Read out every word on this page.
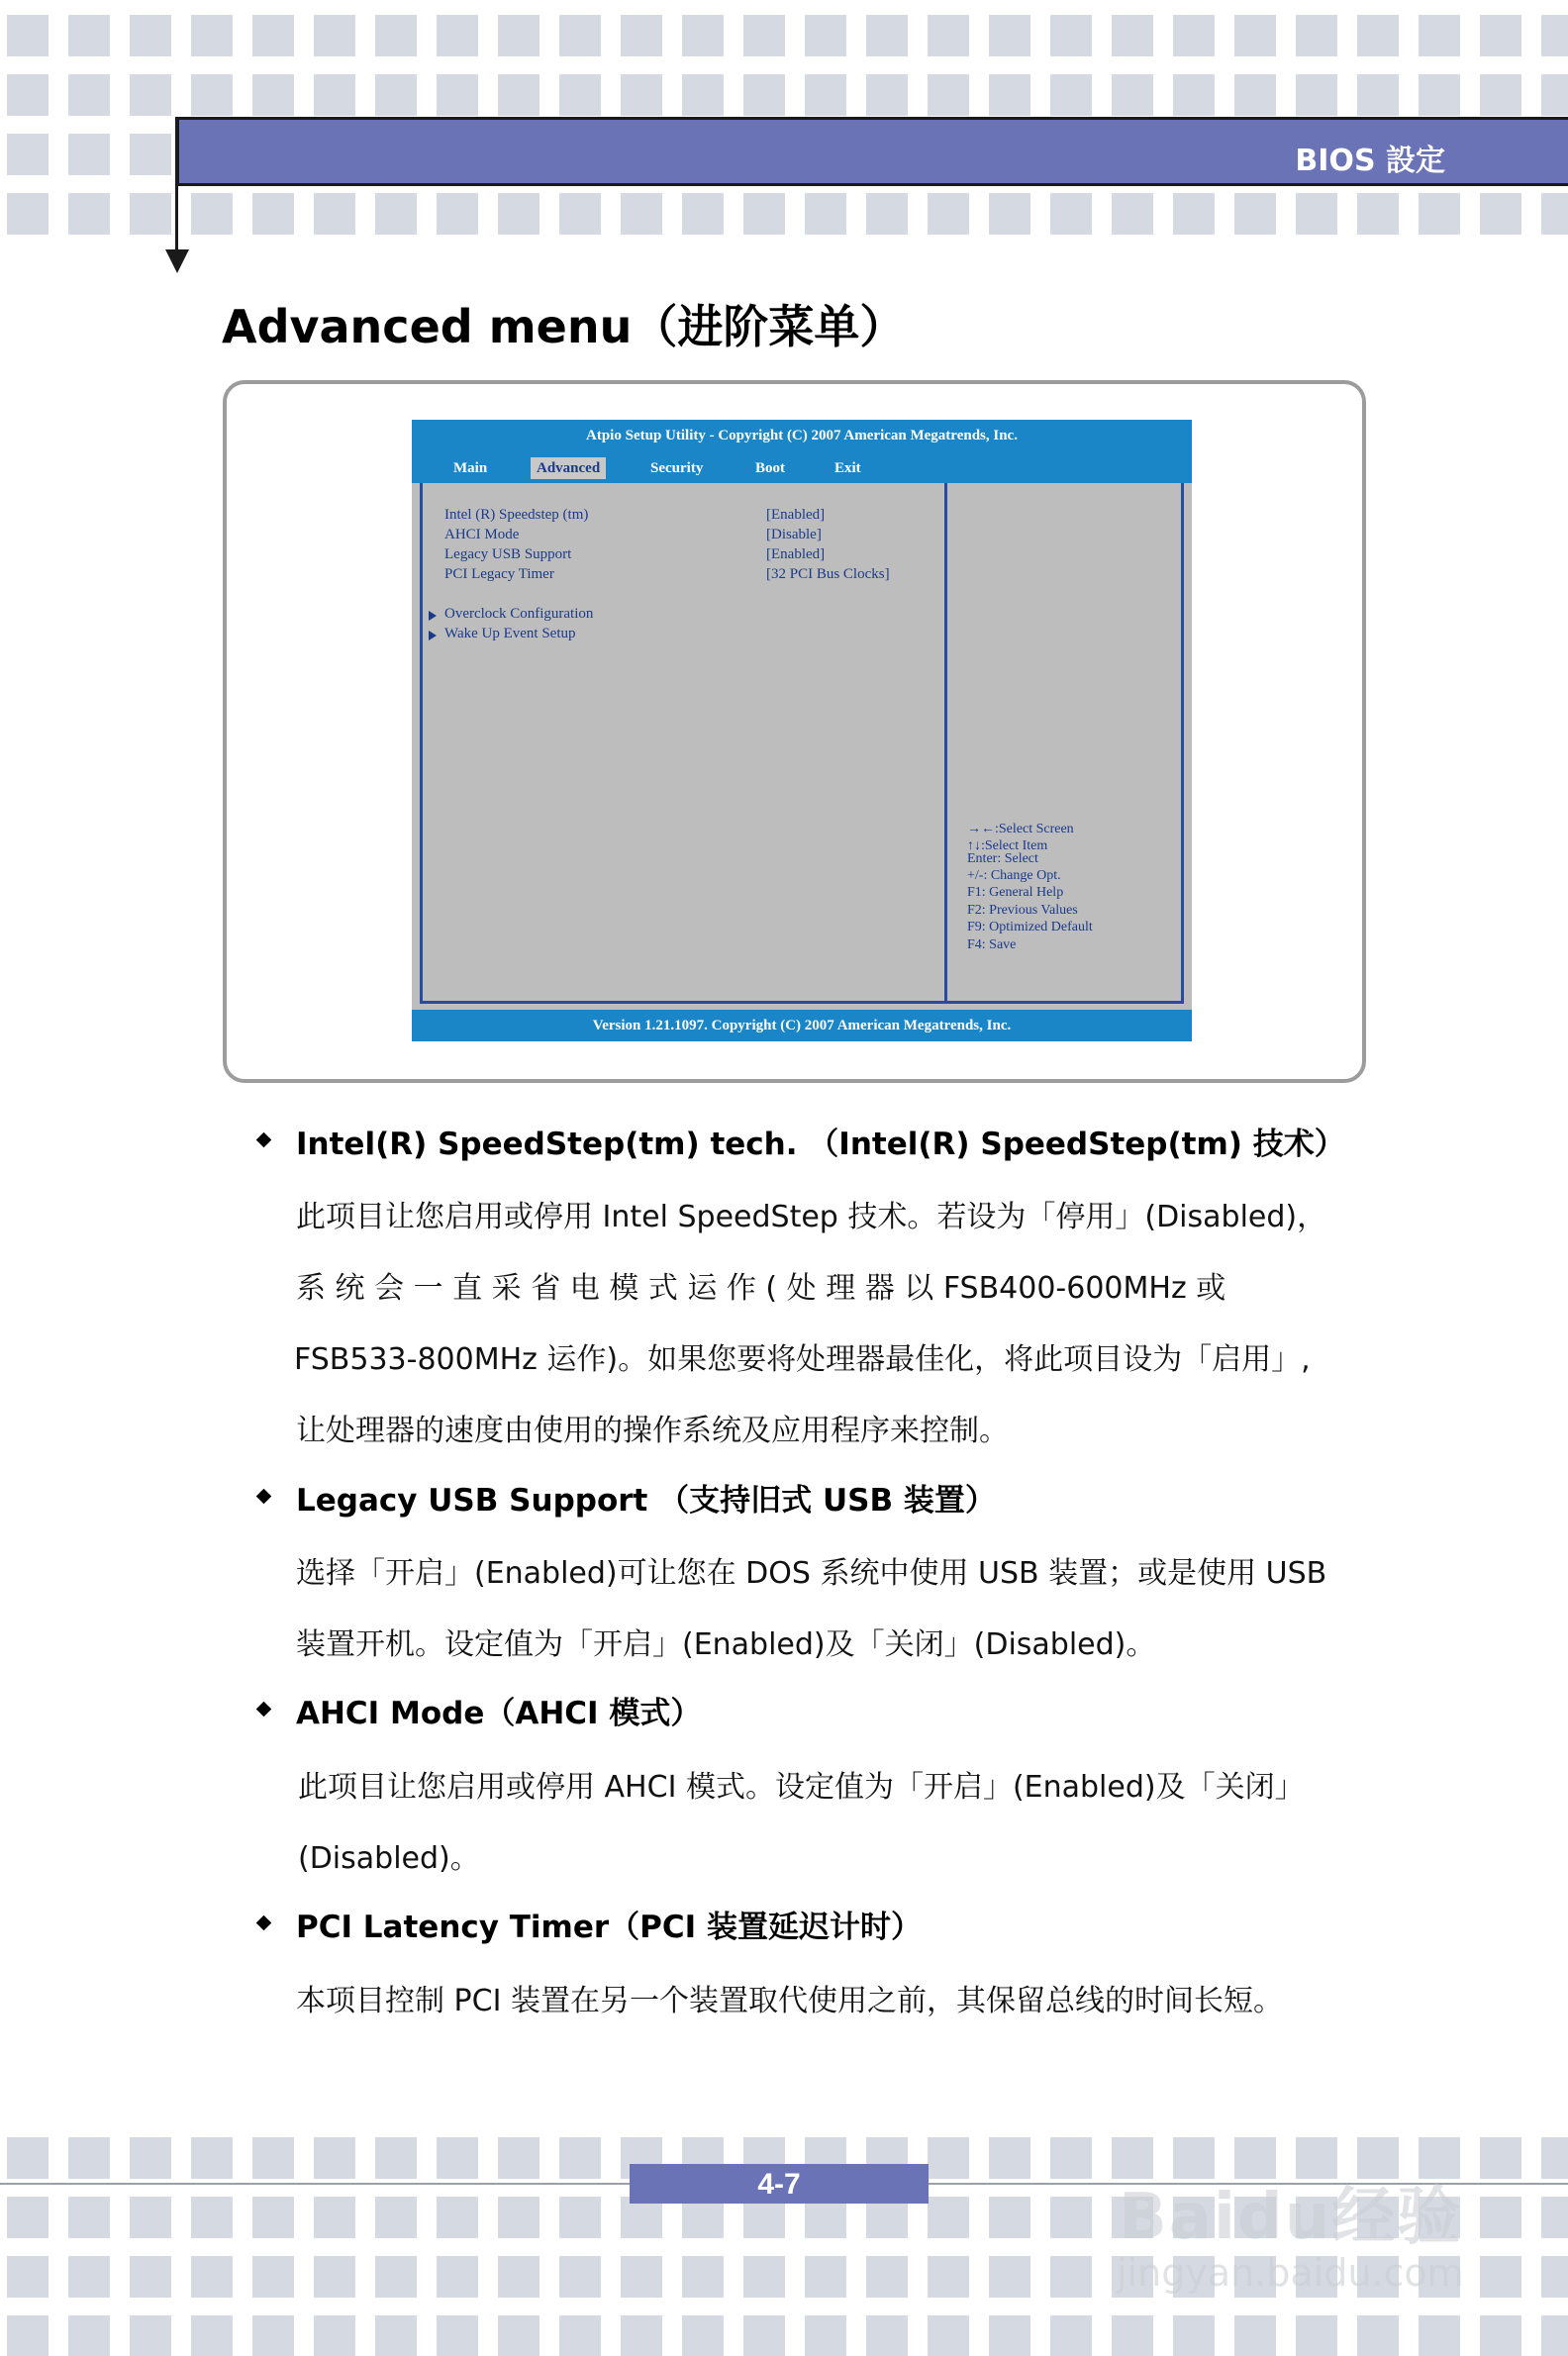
BIOS 設定
Advanced menu（进阶菜单）
Atpio Setup Utility - Copyright (C) 2007 American Megatrends, Inc.
Main	Advanced	Security	Boot	Exit
Intel (R) Speedstep (tm)	[Enabled]
AHCI Mode	[Disable]
Legacy USB Support	[Enabled]
PCI Legacy Timer	[32 PCI Bus Clocks]
Overclock Configuration
Wake Up Event Setup
→←:Select Screen
↑↓:Select Item
Enter: Select
+/-: Change Opt.
F1: General Help
F2: Previous Values
F9: Optimized Default
F4: Save
Version 1.21.1097. Copyright (C) 2007 American Megatrends, Inc.
Intel(R) SpeedStep(tm) tech. （Intel(R) SpeedStep(tm) 技术）
此项目让您启用或停用 Intel SpeedStep 技术。若设为「停用」(Disabled)，
系 统 会 一 直 采 省 电 模 式 运 作 ( 处 理 器 以 FSB400-600MHz 或
FSB533-800MHz 运作)。如果您要将处理器最佳化，将此项目设为「启用」,
让处理器的速度由使用的操作系统及应用程序来控制。
Legacy USB Support （支持旧式 USB 装置）
选择「开启」(Enabled)可让您在 DOS 系统中使用 USB 装置；或是使用 USB
装置开机。设定值为「开启」(Enabled)及「关闭」(Disabled)。
AHCI Mode（AHCI 模式）
此项目让您启用或停用 AHCI 模式。设定值为「开启」(Enabled)及「关闭」
(Disabled)。
PCI Latency Timer（PCI 装置延迟计时）
本项目控制 PCI 装置在另一个装置取代使用之前，其保留总线的时间长短。
4-7	Baidu经验
jingyan.baidu.com
